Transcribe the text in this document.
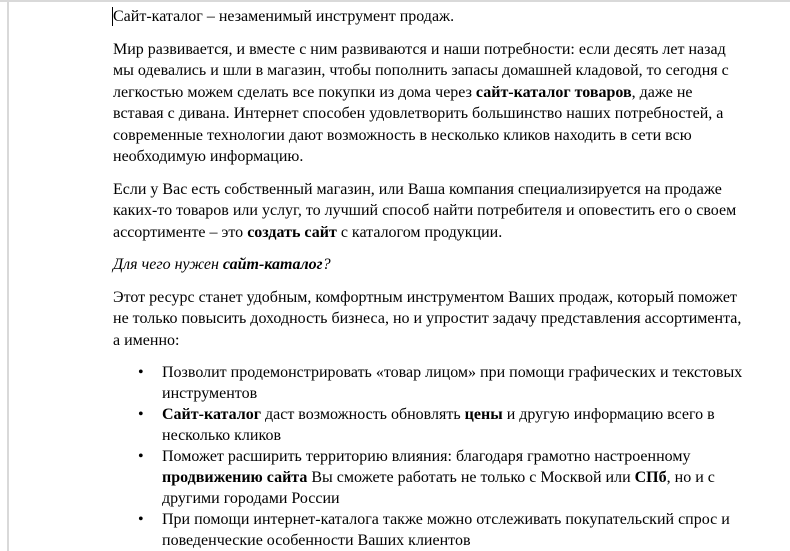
Сайт-каталог – незаменимый инструмент продаж.

Мир развивается, и вместе с ним развиваются и наши потребности: если десять лет назад мы одевались и шли в магазин, чтобы пополнить запасы домашней кладовой, то сегодня с легкостью можем сделать все покупки из дома через сайт-каталог товаров, даже не вставая с дивана. Интернет способен удовлетворить большинство наших потребностей, а современные технологии дают возможность в несколько кликов находить в сети всю необходимую информацию.

Если у Вас есть собственный магазин, или Ваша компания специализируется на продаже каких-то товаров или услуг, то лучший способ найти потребителя и оповестить его о своем ассортименте – это создать сайт с каталогом продукции.

Для чего нужен сайт-каталог?

Этот ресурс станет удобным, комфортным инструментом Ваших продаж, который поможет не только повысить доходность бизнеса, но и упростит задачу представления ассортимента, а именно:

• Позволит продемонстрировать «товар лицом» при помощи графических и текстовых инструментов
• Сайт-каталог даст возможность обновлять цены и другую информацию всего в несколько кликов
• Поможет расширить территорию влияния: благодаря грамотно настроенному продвижению сайта Вы сможете работать не только с Москвой или СПб, но и с другими городами России
• При помощи интернет-каталога также можно отслеживать покупательский спрос и поведенческие особенности Ваших клиентов
